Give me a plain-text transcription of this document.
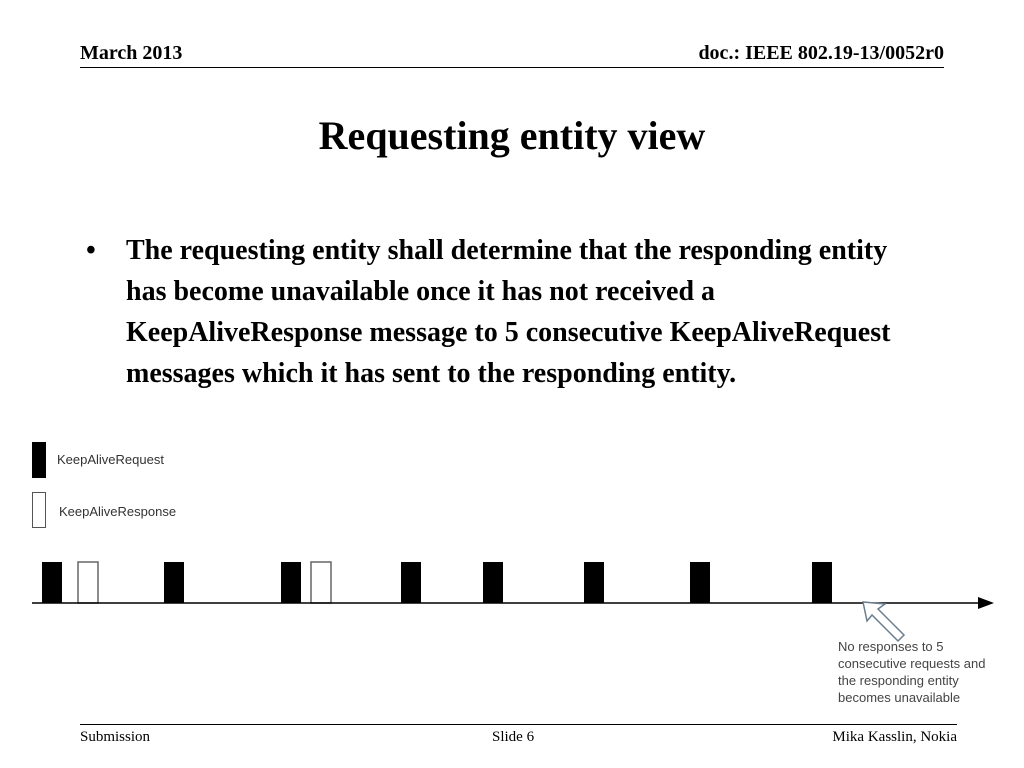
March 2013	doc.: IEEE 802.19-13/0052r0
Requesting entity view
• The requesting entity shall determine that the responding entity has become unavailable once it has not received a KeepAliveResponse message to 5 consecutive KeepAliveRequest messages which it has sent to the responding entity.
KeepAliveRequest
KeepAliveResponse
No responses to 5
consecutive requests and
the responding entity
becomes unavailable
Submission	Slide 6	Mika Kasslin, Nokia
